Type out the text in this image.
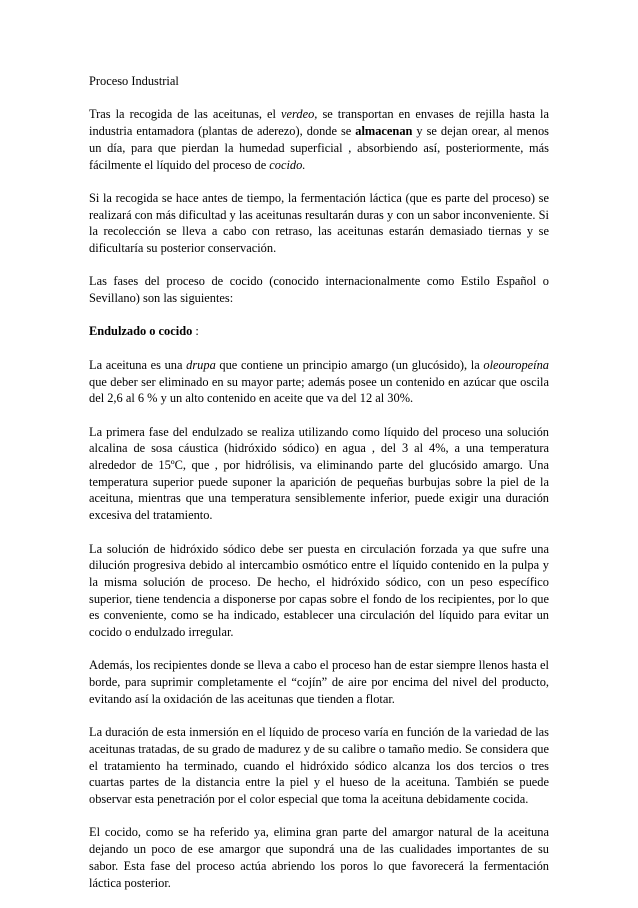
Proceso Industrial

Tras la recogida de las aceitunas, el verdeo, se transportan en envases de rejilla hasta la industria entamadora (plantas de aderezo), donde se almacenan y se dejan orear, al menos un día, para que pierdan la humedad superficial , absorbiendo así, posteriormente, más fácilmente el líquido del proceso de cocido.

Si la recogida se hace antes de tiempo, la fermentación láctica (que es parte del proceso) se realizará con más dificultad y las aceitunas resultarán duras y con un sabor inconveniente. Si la recolección se lleva a cabo con retraso, las aceitunas estarán demasiado tiernas y se dificultaría su posterior conservación.

Las fases del proceso de cocido (conocido internacionalmente como Estilo Español o Sevillano) son las siguientes:

Endulzado o cocido :

La aceituna es una drupa que contiene un principio amargo (un glucósido), la oleouropeína que deber ser eliminado en su mayor parte; además posee un contenido en azúcar que oscila del 2,6 al 6 % y un alto contenido en aceite que va del 12 al 30%.

La primera fase del endulzado se realiza utilizando como líquido del proceso una solución alcalina de sosa cáustica (hidróxido sódico) en agua , del 3 al 4%, a una temperatura alrededor de 15ºC, que , por hidrólisis, va eliminando parte del glucósido amargo. Una temperatura superior puede suponer la aparición de pequeñas burbujas sobre la piel de la aceituna, mientras que una temperatura sensiblemente inferior, puede exigir una duración excesiva del tratamiento.

La solución de hidróxido sódico debe ser puesta en circulación forzada ya que sufre una dilución progresiva debido al intercambio osmótico entre el líquido contenido en la pulpa y la misma solución de proceso. De hecho, el hidróxido sódico, con un peso específico superior, tiene tendencia a disponerse por capas sobre el fondo de los recipientes, por lo que es conveniente, como se ha indicado, establecer una circulación del líquido para evitar un cocido o endulzado irregular.

Además, los recipientes donde se lleva a cabo el proceso han de estar siempre llenos hasta el borde, para suprimir completamente el “cojín” de aire por encima del nivel del producto, evitando así la oxidación de las aceitunas que tienden a flotar.

La duración de esta inmersión en el líquido de proceso varía en función de la variedad de las aceitunas tratadas, de su grado de madurez y de su calibre o tamaño medio. Se considera que el tratamiento ha terminado, cuando el hidróxido sódico alcanza los dos tercios o tres cuartas partes de la distancia entre la piel y el hueso de la aceituna. También se puede observar esta penetración por el color especial que toma la aceituna debidamente cocida.

El cocido, como se ha referido ya, elimina gran parte del amargor natural de la aceituna dejando un poco de ese amargor que supondrá una de las cualidades importantes de su sabor. Esta fase del proceso actúa abriendo los poros lo que favorecerá la fermentación láctica posterior.
